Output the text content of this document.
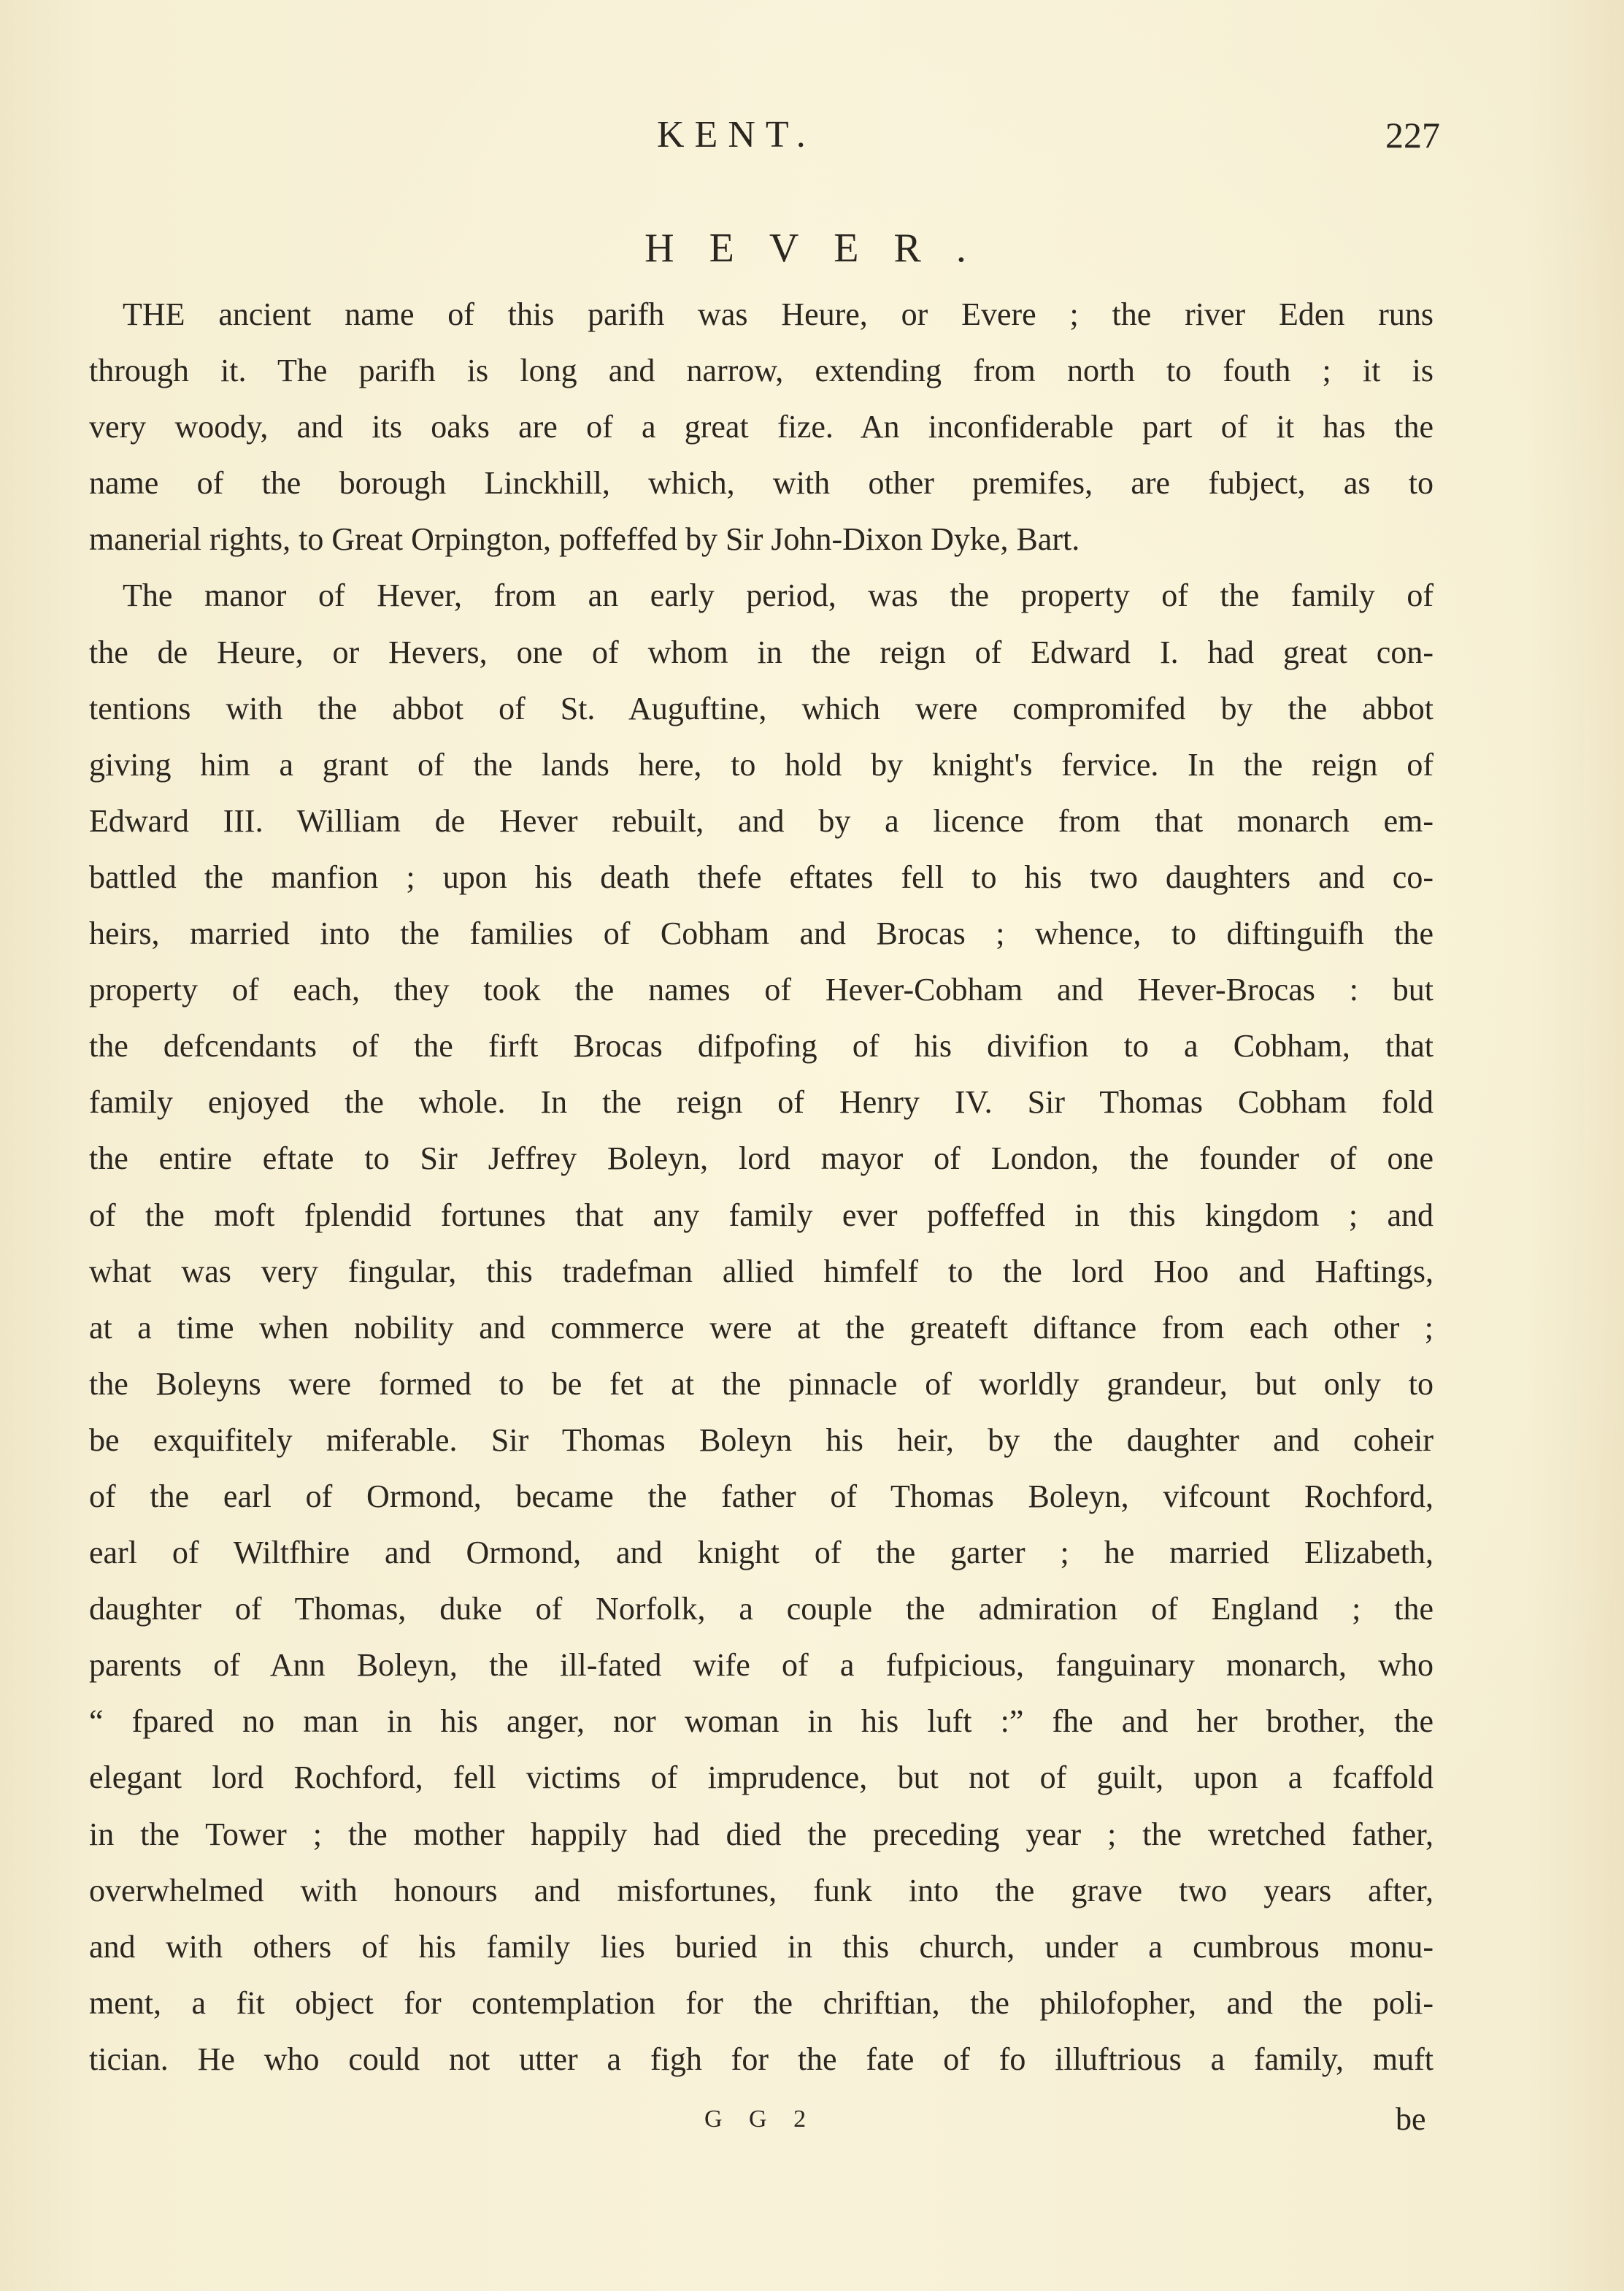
KENT.	227
HEVER.
THE ancient name of this parifh was Heure, or Evere ; the river Eden runs
through it. The parifh is long and narrow, extending from north to fouth ; it is
very woody, and its oaks are of a great fize. An inconfiderable part of it has the
name of the borough Linckhill, which, with other premifes, are fubject, as to
manerial rights, to Great Orpington, poffeffed by Sir John-Dixon Dyke, Bart.
The manor of Hever, from an early period, was the property of the family of
the de Heure, or Hevers, one of whom in the reign of Edward I. had great con-
tentions with the abbot of St. Auguftine, which were compromifed by the abbot
giving him a grant of the lands here, to hold by knight's fervice. In the reign of
Edward III. William de Hever rebuilt, and by a licence from that monarch em-
battled the manfion ; upon his death thefe eftates fell to his two daughters and co-
heirs, married into the families of Cobham and Brocas ; whence, to diftinguifh the
property of each, they took the names of Hever-Cobham and Hever-Brocas : but
the defcendants of the firft Brocas difpofing of his divifion to a Cobham, that
family enjoyed the whole. In the reign of Henry IV. Sir Thomas Cobham fold
the entire eftate to Sir Jeffrey Boleyn, lord mayor of London, the founder of one
of the moft fplendid fortunes that any family ever poffeffed in this kingdom ; and
what was very fingular, this tradefman allied himfelf to the lord Hoo and Haftings,
at a time when nobility and commerce were at the greateft diftance from each other ;
the Boleyns were formed to be fet at the pinnacle of worldly grandeur, but only to
be exquifitely miferable. Sir Thomas Boleyn his heir, by the daughter and coheir
of the earl of Ormond, became the father of Thomas Boleyn, vifcount Rochford,
earl of Wiltfhire and Ormond, and knight of the garter ; he married Elizabeth,
daughter of Thomas, duke of Norfolk, a couple the admiration of England ; the
parents of Ann Boleyn, the ill-fated wife of a fufpicious, fanguinary monarch, who
“ fpared no man in his anger, nor woman in his luft :” fhe and her brother, the
elegant lord Rochford, fell victims of imprudence, but not of guilt, upon a fcaffold
in the Tower ; the mother happily had died the preceding year ; the wretched father,
overwhelmed with honours and misfortunes, funk into the grave two years after,
and with others of his family lies buried in this church, under a cumbrous monu-
ment, a fit object for contemplation for the chriftian, the philofopher, and the poli-
tician. He who could not utter a figh for the fate of fo illuftrious a family, muft
G G 2	be
